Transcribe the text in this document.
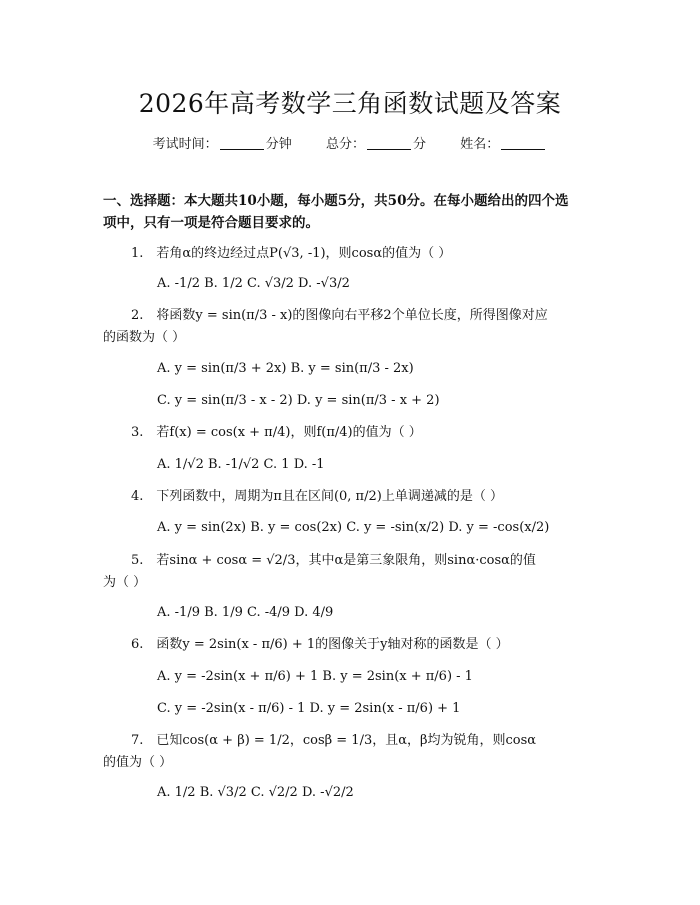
2026年高考数学三角函数试题及答案
考试时间：	分钟	总分：	分	姓名：
一、选择题：本大题共10小题，每小题5分，共50分。在每小题给出的四个选
项中，只有一项是符合题目要求的。
1.　若角α的终边经过点P(√3, -1)，则cosα的值为（ ）
A. -1/2 B. 1/2 C. √3/2 D. -√3/2
2.　将函数y = sin(π/3 - x)的图像向右平移2个单位长度，所得图像对应
的函数为（ ）
A. y = sin(π/3 + 2x) B. y = sin(π/3 - 2x)
C. y = sin(π/3 - x - 2) D. y = sin(π/3 - x + 2)
3.　若f(x) = cos(x + π/4)，则f(π/4)的值为（ ）
A. 1/√2 B. -1/√2 C. 1 D. -1
4.　下列函数中，周期为π且在区间(0, π/2)上单调递减的是（ ）
A. y = sin(2x) B. y = cos(2x) C. y = -sin(x/2) D. y = -cos(x/2)
5.　若sinα + cosα = √2/3，其中α是第三象限角，则sinα·cosα的值
为（ ）
A. -1/9 B. 1/9 C. -4/9 D. 4/9
6.　函数y = 2sin(x - π/6) + 1的图像关于y轴对称的函数是（ ）
A. y = -2sin(x + π/6) + 1 B. y = 2sin(x + π/6) - 1
C. y = -2sin(x - π/6) - 1 D. y = 2sin(x - π/6) + 1
7.　已知cos(α + β) = 1/2，cosβ = 1/3，且α，β均为锐角，则cosα
的值为（ ）
A. 1/2 B. √3/2 C. √2/2 D. -√2/2
